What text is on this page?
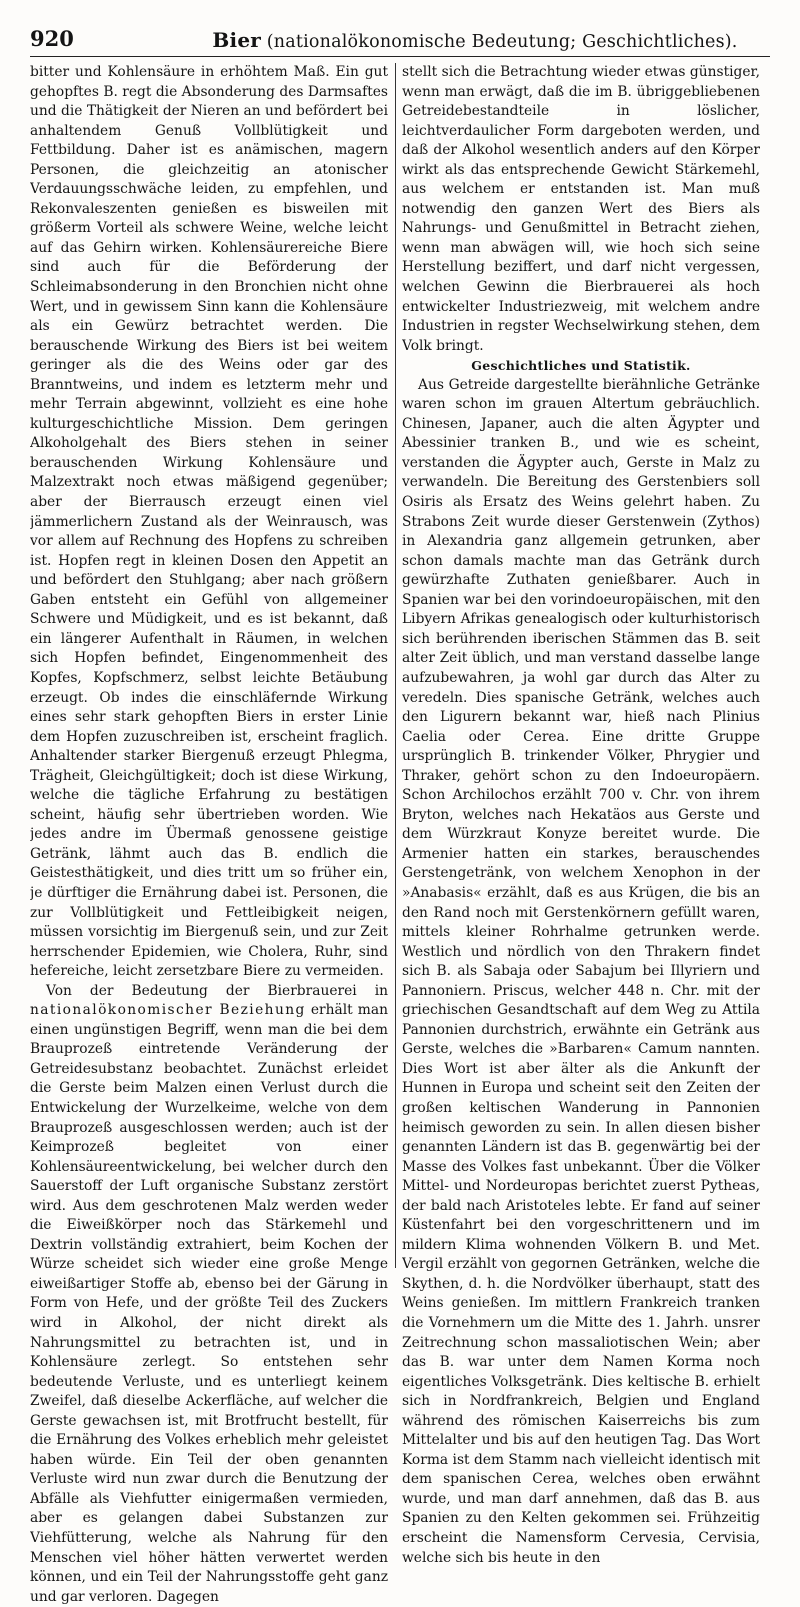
920	Bier (nationalökonomische Bedeutung; Geschichtliches).

bitter und Kohlensäure in erhöhtem Maß. Ein gut gehopftes B. regt die Absonderung des Darmsaftes und die Thätigkeit der Nieren an und befördert bei anhaltendem Genuß Vollblütigkeit und Fettbildung. Daher ist es anämischen, magern Personen, die gleichzeitig an atonischer Verdauungsschwäche leiden, zu empfehlen, und Rekonvaleszenten genießen es bisweilen mit größerm Vorteil als schwere Weine, welche leicht auf das Gehirn wirken. Kohlensäurereiche Biere sind auch für die Beförderung der Schleimabsonderung in den Bronchien nicht ohne Wert, und in gewissem Sinn kann die Kohlensäure als ein Gewürz betrachtet werden. Die berauschende Wirkung des Biers ist bei weitem geringer als die des Weins oder gar des Branntweins, und indem es letzterm mehr und mehr Terrain abgewinnt, vollzieht es eine hohe kulturgeschichtliche Mission. Dem geringen Alkoholgehalt des Biers stehen in seiner berauschenden Wirkung Kohlensäure und Malzextrakt noch etwas mäßigend gegenüber; aber der Bierrausch erzeugt einen viel jämmerlichern Zustand als der Weinrausch, was vor allem auf Rechnung des Hopfens zu schreiben ist. Hopfen regt in kleinen Dosen den Appetit an und befördert den Stuhlgang; aber nach größern Gaben entsteht ein Gefühl von allgemeiner Schwere und Müdigkeit, und es ist bekannt, daß ein längerer Aufenthalt in Räumen, in welchen sich Hopfen befindet, Eingenommenheit des Kopfes, Kopfschmerz, selbst leichte Betäubung erzeugt. Ob indes die einschläfernde Wirkung eines sehr stark gehopften Biers in erster Linie dem Hopfen zuzuschreiben ist, erscheint fraglich. Anhaltender starker Biergenuß erzeugt Phlegma, Trägheit, Gleichgültigkeit; doch ist diese Wirkung, welche die tägliche Erfahrung zu bestätigen scheint, häufig sehr übertrieben worden. Wie jedes andre im Übermaß genossene geistige Getränk, lähmt auch das B. endlich die Geistesthätigkeit, und dies tritt um so früher ein, je dürftiger die Ernährung dabei ist. Personen, die zur Vollblütigkeit und Fettleibigkeit neigen, müssen vorsichtig im Biergenuß sein, und zur Zeit herrschender Epidemien, wie Cholera, Ruhr, sind hefereiche, leicht zersetzbare Biere zu vermeiden.

Von der Bedeutung der Bierbrauerei in nationalökonomischer Beziehung erhält man einen ungünstigen Begriff, wenn man die bei dem Brauprozeß eintretende Veränderung der Getreidesubstanz beobachtet. Zunächst erleidet die Gerste beim Malzen einen Verlust durch die Entwickelung der Wurzelkeime, welche von dem Brauprozeß ausgeschlossen werden; auch ist der Keimprozeß begleitet von einer Kohlensäureentwickelung, bei welcher durch den Sauerstoff der Luft organische Substanz zerstört wird. Aus dem geschrotenen Malz werden weder die Eiweißkörper noch das Stärkemehl und Dextrin vollständig extrahiert, beim Kochen der Würze scheidet sich wieder eine große Menge eiweißartiger Stoffe ab, ebenso bei der Gärung in Form von Hefe, und der größte Teil des Zuckers wird in Alkohol, der nicht direkt als Nahrungsmittel zu betrachten ist, und in Kohlensäure zerlegt. So entstehen sehr bedeutende Verluste, und es unterliegt keinem Zweifel, daß dieselbe Ackerfläche, auf welcher die Gerste gewachsen ist, mit Brotfrucht bestellt, für die Ernährung des Volkes erheblich mehr geleistet haben würde. Ein Teil der oben genannten Verluste wird nun zwar durch die Benutzung der Abfälle als Viehfutter einigermaßen vermieden, aber es gelangen dabei Substanzen zur Viehfütterung, welche als Nahrung für den Menschen viel höher hätten verwertet werden können, und ein Teil der Nahrungsstoffe geht ganz und gar verloren. Dagegen

stellt sich die Betrachtung wieder etwas günstiger, wenn man erwägt, daß die im B. übriggebliebenen Getreidebestandteile in löslicher, leichtverdaulicher Form dargeboten werden, und daß der Alkohol wesentlich anders auf den Körper wirkt als das entsprechende Gewicht Stärkemehl, aus welchem er entstanden ist. Man muß notwendig den ganzen Wert des Biers als Nahrungs- und Genußmittel in Betracht ziehen, wenn man abwägen will, wie hoch sich seine Herstellung beziffert, und darf nicht vergessen, welchen Gewinn die Bierbrauerei als hoch entwickelter Industriezweig, mit welchem andre Industrien in regster Wechselwirkung stehen, dem Volk bringt.

Geschichtliches und Statistik.

Aus Getreide dargestellte bierähnliche Getränke waren schon im grauen Altertum gebräuchlich. Chinesen, Japaner, auch die alten Ägypter und Abessinier tranken B., und wie es scheint, verstanden die Ägypter auch, Gerste in Malz zu verwandeln. Die Bereitung des Gerstenbiers soll Osiris als Ersatz des Weins gelehrt haben. Zu Strabons Zeit wurde dieser Gerstenwein (Zythos) in Alexandria ganz allgemein getrunken, aber schon damals machte man das Getränk durch gewürzhafte Zuthaten genießbarer. Auch in Spanien war bei den vorindoeuropäischen, mit den Libyern Afrikas genealogisch oder kulturhistorisch sich berührenden iberischen Stämmen das B. seit alter Zeit üblich, und man verstand dasselbe lange aufzubewahren, ja wohl gar durch das Alter zu veredeln. Dies spanische Getränk, welches auch den Ligurern bekannt war, hieß nach Plinius Caelia oder Cerea. Eine dritte Gruppe ursprünglich B. trinkender Völker, Phrygier und Thraker, gehört schon zu den Indoeuropäern. Schon Archilochos erzählt 700 v. Chr. von ihrem Bryton, welches nach Hekatäos aus Gerste und dem Würzkraut Konyze bereitet wurde. Die Armenier hatten ein starkes, berauschendes Gerstengetränk, von welchem Xenophon in der »Anabasis« erzählt, daß es aus Krügen, die bis an den Rand noch mit Gerstenkörnern gefüllt waren, mittels kleiner Rohrhalme getrunken werde. Westlich und nördlich von den Thrakern findet sich B. als Sabaja oder Sabajum bei Illyriern und Pannoniern. Priscus, welcher 448 n. Chr. mit der griechischen Gesandtschaft auf dem Weg zu Attila Pannonien durchstrich, erwähnte ein Getränk aus Gerste, welches die »Barbaren« Camum nannten. Dies Wort ist aber älter als die Ankunft der Hunnen in Europa und scheint seit den Zeiten der großen keltischen Wanderung in Pannonien heimisch geworden zu sein. In allen diesen bisher genannten Ländern ist das B. gegenwärtig bei der Masse des Volkes fast unbekannt. Über die Völker Mittel- und Nordeuropas berichtet zuerst Pytheas, der bald nach Aristoteles lebte. Er fand auf seiner Küstenfahrt bei den vorgeschrittenern und im mildern Klima wohnenden Völkern B. und Met. Vergil erzählt von gegornen Getränken, welche die Skythen, d. h. die Nordvölker überhaupt, statt des Weins genießen. Im mittlern Frankreich tranken die Vornehmern um die Mitte des 1. Jahrh. unsrer Zeitrechnung schon massaliotischen Wein; aber das B. war unter dem Namen Korma noch eigentliches Volksgetränk. Dies keltische B. erhielt sich in Nordfrankreich, Belgien und England während des römischen Kaiserreichs bis zum Mittelalter und bis auf den heutigen Tag. Das Wort Korma ist dem Stamm nach vielleicht identisch mit dem spanischen Cerea, welches oben erwähnt wurde, und man darf annehmen, daß das B. aus Spanien zu den Kelten gekommen sei. Frühzeitig erscheint die Namensform Cervesia, Cervisia, welche sich bis heute in den
